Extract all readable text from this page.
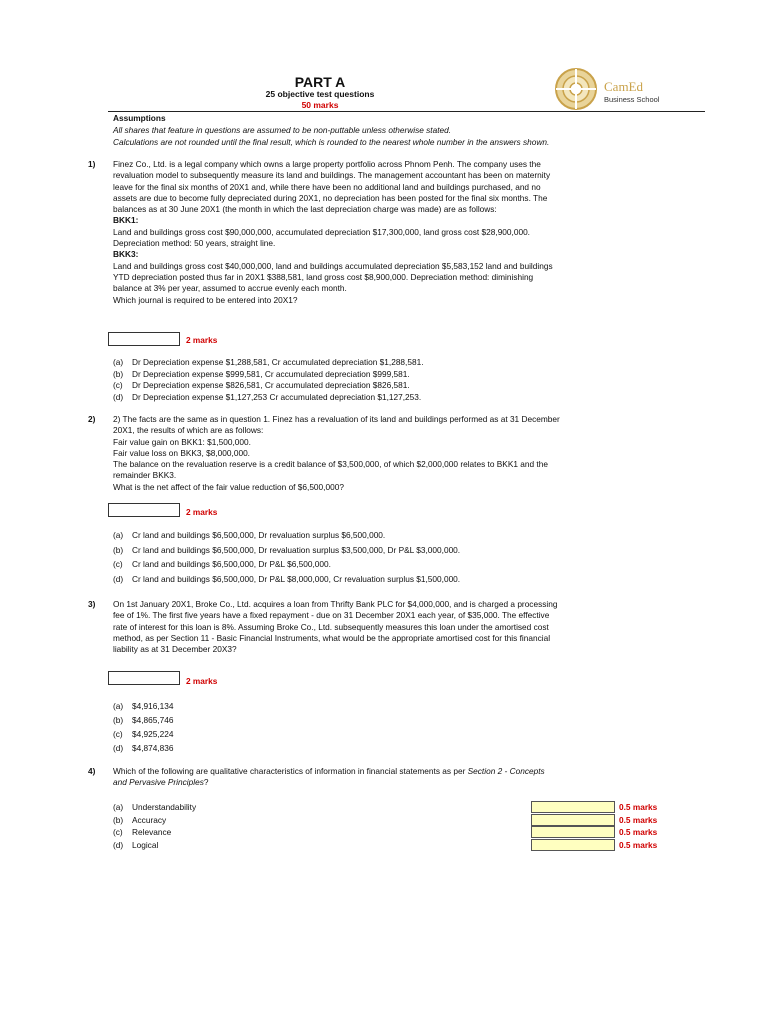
PART A
25 objective test questions
50 marks
CamEd
Business School
Assumptions
All shares that feature in questions are assumed to be non-puttable unless otherwise stated.
Calculations are not rounded until the final result, which is rounded to the nearest whole number in the answers shown.
1) Finez Co., Ltd. is a legal company which owns a large property portfolio across Phnom Penh. The company uses the
revaluation model to subsequently measure its land and buildings. The management accountant has been on maternity
leave for the final six months of 20X1 and, while there have been no additional land and buildings purchased, and no
assets are due to become fully depreciated during 20X1, no depreciation has been posted for the final six months. The
balances as at 30 June 20X1 (the month in which the last depreciation charge was made) are as follows:
BKK1:
Land and buildings gross cost $90,000,000, accumulated depreciation $17,300,000, land gross cost $28,900,000.
Depreciation method: 50 years, straight line.
BKK3:
Land and buildings gross cost $40,000,000, land and buildings accumulated depreciation $5,583,152 land and buildings
YTD depreciation posted thus far in 20X1 $388,581, land gross cost $8,900,000. Depreciation method: diminishing
balance at 3% per year, assumed to accrue evenly each month.
Which journal is required to be entered into 20X1?
2 marks
(a) Dr Depreciation expense $1,288,581, Cr accumulated depreciation $1,288,581.
(b) Dr Depreciation expense $999,581, Cr accumulated depreciation $999,581.
(c) Dr Depreciation expense $826,581, Cr accumulated depreciation $826,581.
(d) Dr Depreciation expense $1,127,253 Cr accumulated depreciation $1,127,253.
2) 2) The facts are the same as in question 1. Finez has a revaluation of its land and buildings performed as at 31 December
20X1, the results of which are as follows:
Fair value gain on BKK1: $1,500,000.
Fair value loss on BKK3, $8,000,000.
The balance on the revaluation reserve is a credit balance of $3,500,000, of which $2,000,000 relates to BKK1 and the
remainder BKK3.
What is the net affect of the fair value reduction of $6,500,000?
2 marks
(a) Cr land and buildings $6,500,000, Dr revaluation surplus $6,500,000.
(b) Cr land and buildings $6,500,000, Dr revaluation surplus $3,500,000, Dr P&L $3,000,000.
(c) Cr land and buildings $6,500,000, Dr P&L $6,500,000.
(d) Cr land and buildings $6,500,000, Dr P&L $8,000,000, Cr revaluation surplus $1,500,000.
3) On 1st January 20X1, Broke Co., Ltd. acquires a loan from Thrifty Bank PLC for $4,000,000, and is charged a processing
fee of 1%. The first five years have a fixed repayment - due on 31 December 20X1 each year, of $35,000. The effective
rate of interest for this loan is 8%. Assuming Broke Co., Ltd. subsequently measures this loan under the amortised cost
method, as per Section 11 - Basic Financial Instruments, what would be the appropriate amortised cost for this financial
liability as at 31 December 20X3?
2 marks
(a) $4,916,134
(b) $4,865,746
(c) $4,925,224
(d) $4,874,836
4) Which of the following are qualitative characteristics of information in financial statements as per Section 2 - Concepts
and Pervasive Principles?
(a) Understandability	0.5 marks
(b) Accuracy	0.5 marks
(c) Relevance	0.5 marks
(d) Logical	0.5 marks
